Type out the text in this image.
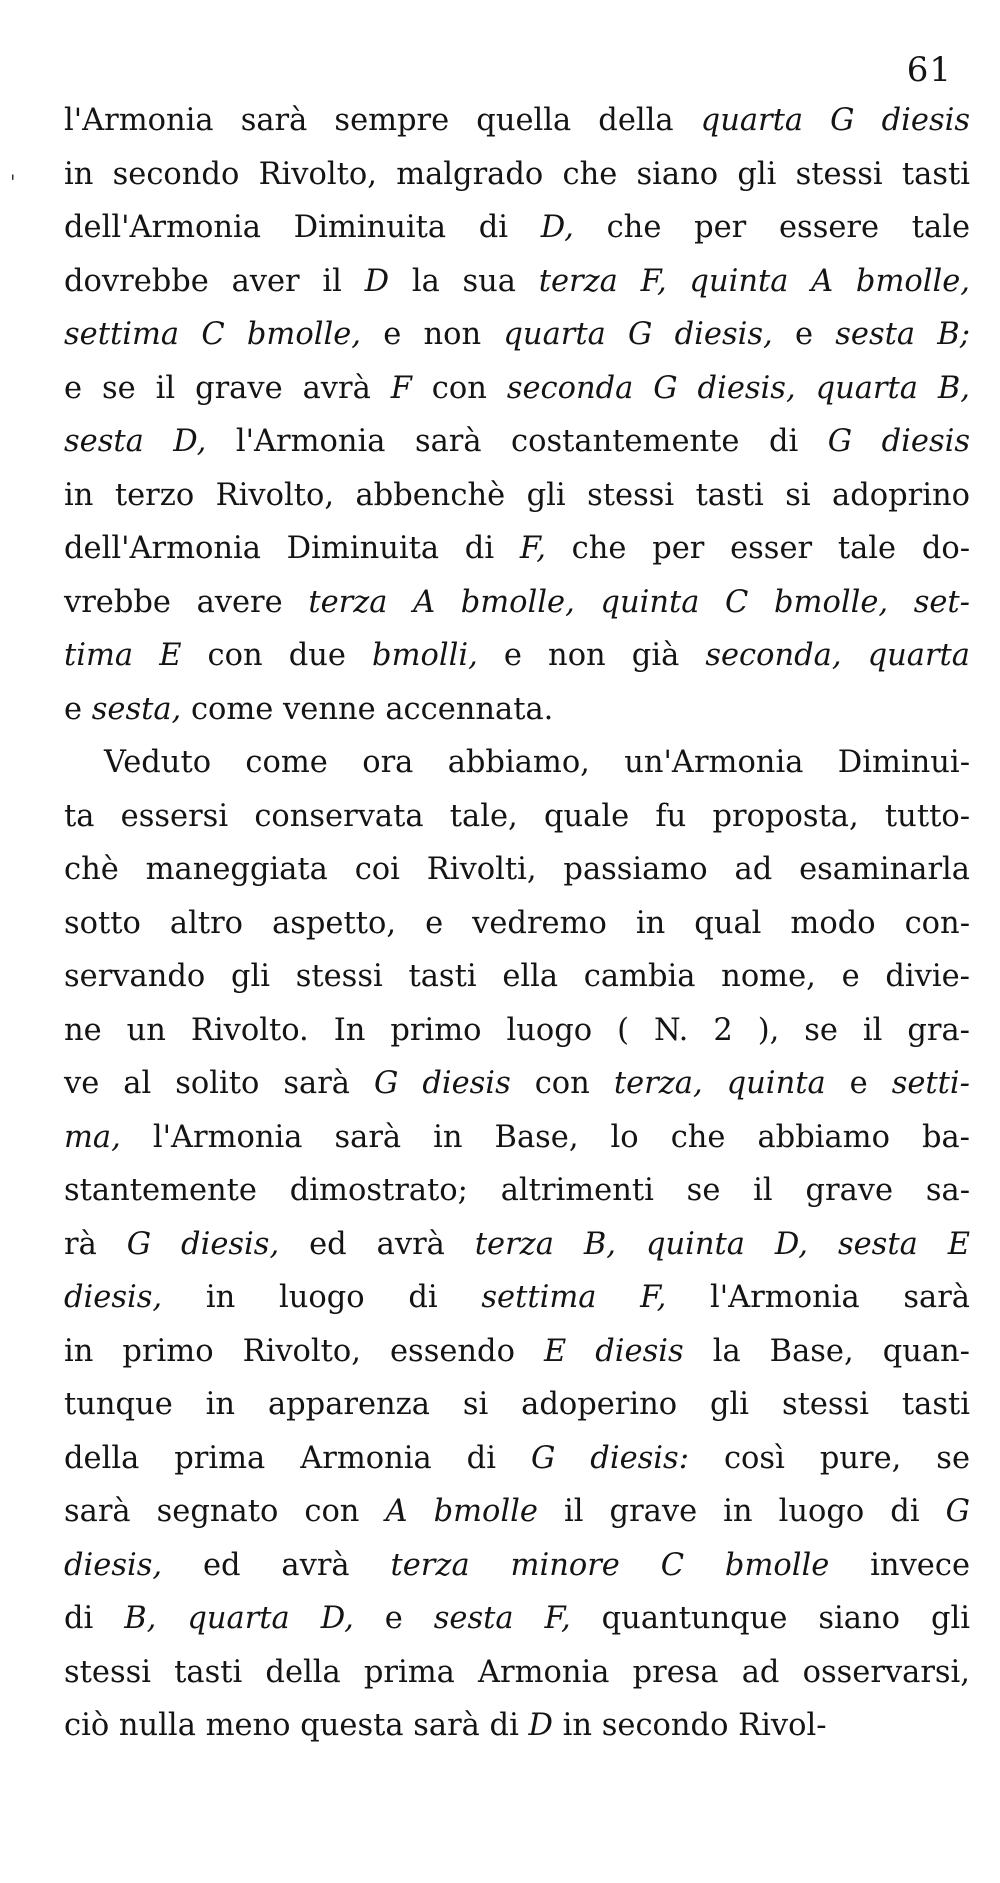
61
'
l'Armonia sarà sempre quella della quarta G diesis
in secondo Rivolto, malgrado che siano gli stessi tasti
dell'Armonia Diminuita di D, che per essere tale
dovrebbe aver il D la sua terza F, quinta A bmolle,
settima C bmolle, e non quarta G diesis, e sesta B;
e se il grave avrà F con seconda G diesis, quarta B,
sesta D, l'Armonia sarà costantemente di G diesis
in terzo Rivolto, abbenchè gli stessi tasti si adoprino
dell'Armonia Diminuita di F, che per esser tale do-
vrebbe avere terza A bmolle, quinta C bmolle, set-
tima E con due bmolli, e non già seconda, quarta
e sesta, come venne accennata.
Veduto come ora abbiamo, un'Armonia Diminui-
ta essersi conservata tale, quale fu proposta, tutto-
chè maneggiata coi Rivolti, passiamo ad esaminarla
sotto altro aspetto, e vedremo in qual modo con-
servando gli stessi tasti ella cambia nome, e divie-
ne un Rivolto. In primo luogo ( N. 2 ), se il gra-
ve al solito sarà G diesis con terza, quinta e setti-
ma, l'Armonia sarà in Base, lo che abbiamo ba-
stantemente dimostrato; altrimenti se il grave sa-
rà G diesis, ed avrà terza B, quinta D, sesta E
diesis, in luogo di settima F, l'Armonia sarà
in primo Rivolto, essendo E diesis la Base, quan-
tunque in apparenza si adoperino gli stessi tasti
della prima Armonia di G diesis: così pure, se
sarà segnato con A bmolle il grave in luogo di G
diesis, ed avrà terza minore C bmolle invece
di B, quarta D, e sesta F, quantunque siano gli
stessi tasti della prima Armonia presa ad osservarsi,
ciò nulla meno questa sarà di D in secondo Rivol-
